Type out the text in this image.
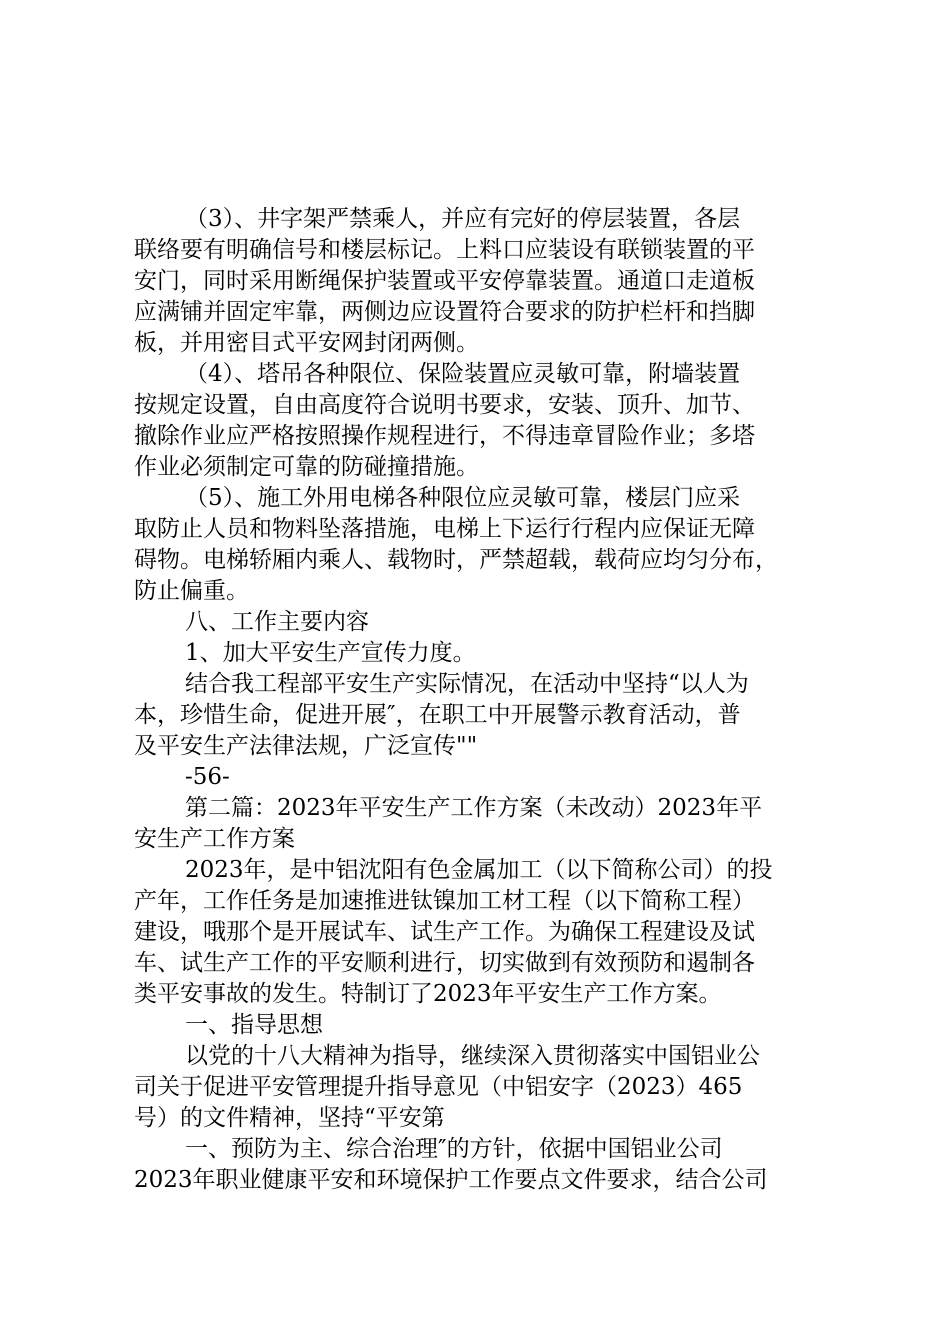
（3）、井字架严禁乘人，并应有完好的停层装置，各层
联络要有明确信号和楼层标记。上料口应装设有联锁装置的平
安门，同时采用断绳保护装置或平安停靠装置。通道口走道板
应满铺并固定牢靠，两侧边应设置符合要求的防护栏杆和挡脚
板，并用密目式平安网封闭两侧。
（4）、塔吊各种限位、保险装置应灵敏可靠，附墙装置
按规定设置，自由高度符合说明书要求，安装、顶升、加节、
撤除作业应严格按照操作规程进行，不得违章冒险作业；多塔
作业必须制定可靠的防碰撞措施。
（5）、施工外用电梯各种限位应灵敏可靠，楼层门应采
取防止人员和物料坠落措施，电梯上下运行行程内应保证无障
碍物。电梯轿厢内乘人、载物时，严禁超载，载荷应均匀分布，
防止偏重。
八、工作主要内容
1、加大平安生产宣传力度。
结合我工程部平安生产实际情况，在活动中坚持“以人为
本，珍惜生命，促进开展″，在职工中开展警示教育活动，普
及平安生产法律法规，广泛宣传""
-56-
第二篇：2023年平安生产工作方案（未改动）2023年平
安生产工作方案
2023年，是中铝沈阳有色金属加工（以下简称公司）的投
产年，工作任务是加速推进钛镍加工材工程（以下简称工程）
建设，哦那个是开展试车、试生产工作。为确保工程建设及试
车、试生产工作的平安顺利进行，切实做到有效预防和遏制各
类平安事故的发生。特制订了2023年平安生产工作方案。
一、指导思想
以党的十八大精神为指导，继续深入贯彻落实中国铝业公
司关于促进平安管理提升指导意见（中铝安字（2023）465
号）的文件精神，坚持“平安第
一、预防为主、综合治理″的方针，依据中国铝业公司
2023年职业健康平安和环境保护工作要点文件要求，结合公司
